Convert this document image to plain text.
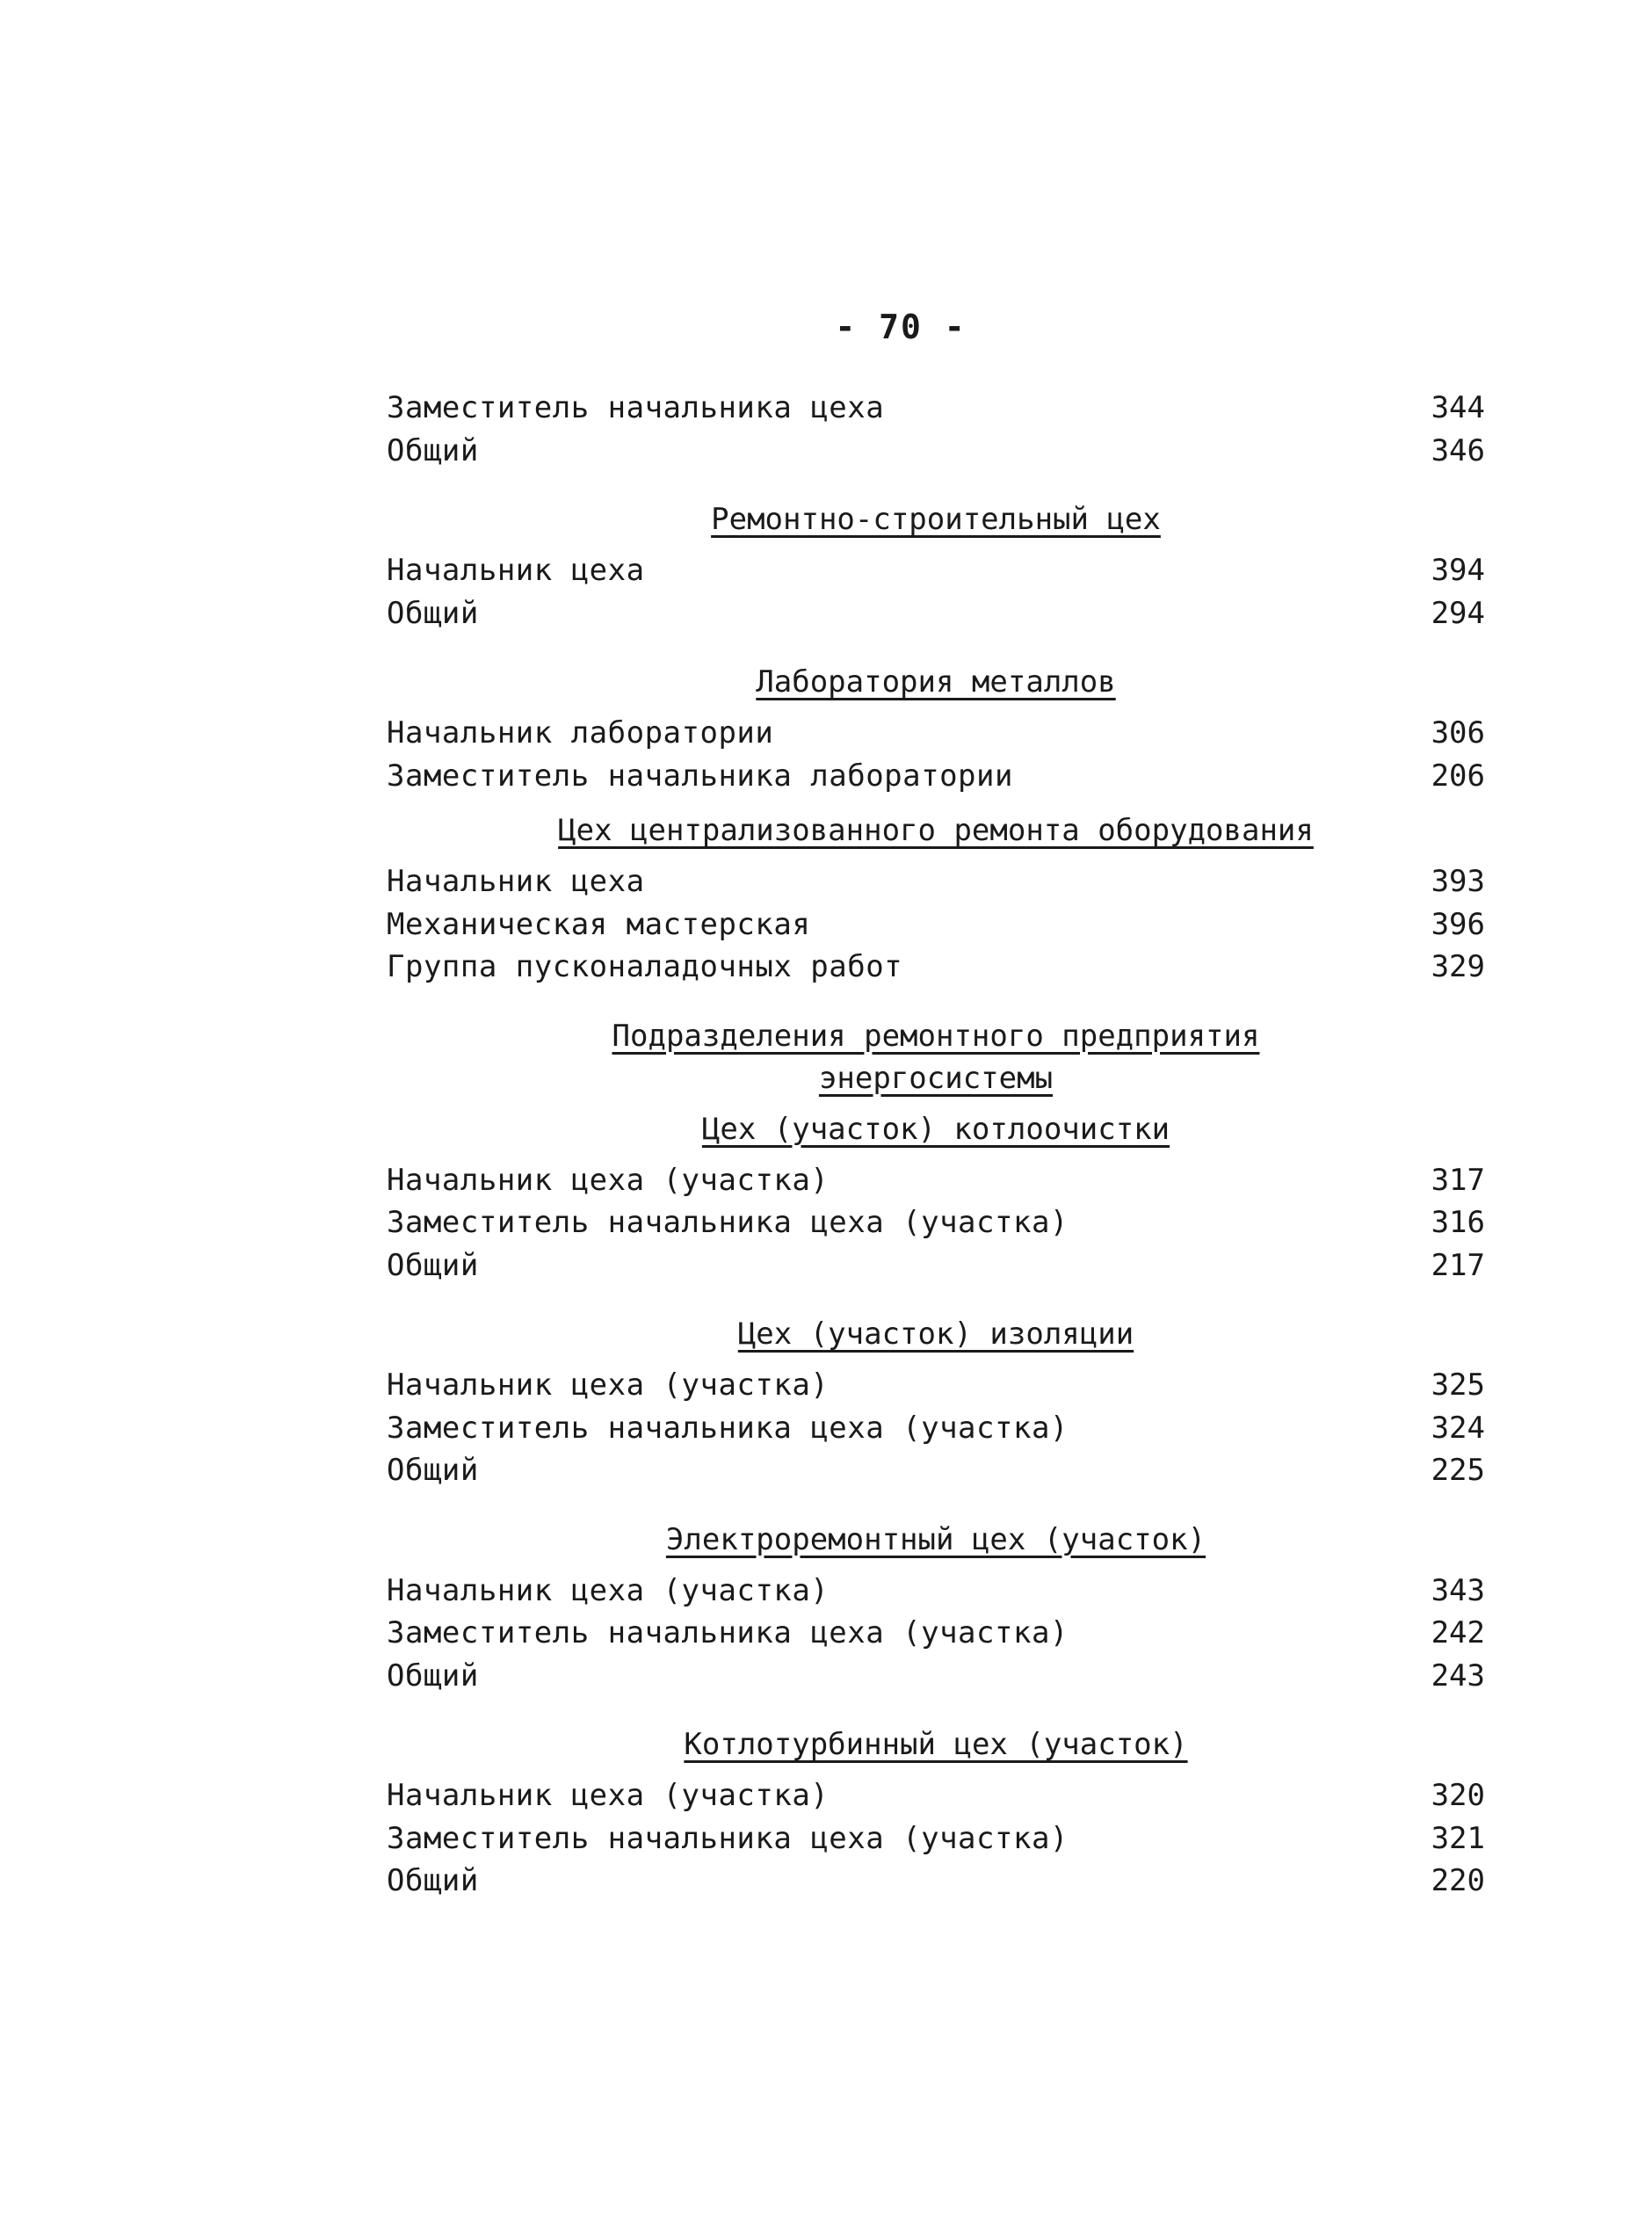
- 70 -
Заместитель начальника цеха	344
Общий	346
Ремонтно-строительный цех
Начальник цеха	394
Общий	294
Лаборатория металлов
Начальник лаборатории	306
Заместитель начальника лаборатории	206
Цех централизованного ремонта оборудования
Начальник цеха	393
Механическая мастерская	396
Группа пусконаладочных работ	329
Подразделения ремонтного предприятия
энергосистемы
Цех (участок) котлоочистки
Начальник цеха (участка)	317
Заместитель начальника цеха (участка)	316
Общий	217
Цех (участок) изоляции
Начальник цеха (участка)	325
Заместитель начальника цеха (участка)	324
Общий	225
Электроремонтный цех (участок)
Начальник цеха (участка)	343
Заместитель начальника цеха (участка)	242
Общий	243
Котлотурбинный цех (участок)
Начальник цеха (участка)	320
Заместитель начальника цеха (участка)	321
Общий	220
